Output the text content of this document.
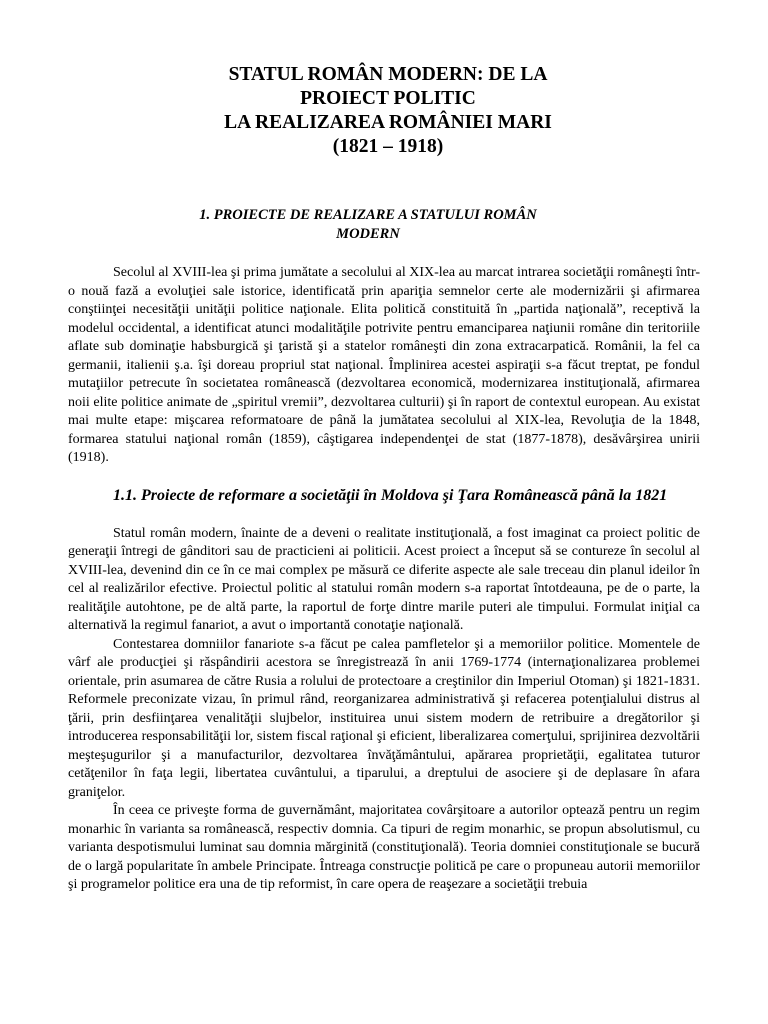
STATUL ROMÂN MODERN: DE LA
PROIECT POLITIC
LA REALIZAREA ROMÂNIEI MARI
(1821 – 1918)
1. PROIECTE DE REALIZARE A STATULUI ROMÂN
MODERN

Secolul al XVIII-lea şi prima jumătate a secolului al XIX-lea au marcat intrarea societăţii româneşti într-o nouă fază a evoluţiei sale istorice, identificată prin apariţia semnelor certe ale modernizării şi afirmarea conştiinţei necesităţii unităţii politice naţionale. Elita politică constituită în „partida naţională”, receptivă la modelul occidental, a identificat atunci modalităţile potrivite pentru emanciparea naţiunii române din teritoriile aflate sub dominaţie habsburgică şi ţaristă şi a statelor româneşti din zona extracarpatică. Românii, la fel ca germanii, italienii ş.a. îşi doreau propriul stat naţional. Împlinirea acestei aspiraţii s-a făcut treptat, pe fondul mutaţiilor petrecute în societatea românească (dezvoltarea economică, modernizarea instituţională, afirmarea noii elite politice animate de „spiritul vremii”, dezvoltarea culturii) şi în raport de contextul european. Au existat mai multe etape: mişcarea reformatoare de până la jumătatea secolului al XIX-lea, Revoluţia de la 1848, formarea statului naţional român (1859), câştigarea independenţei de stat (1877-1878), desăvârşirea unirii (1918).

1.1. Proiecte de reformare a societăţii în Moldova şi Ţara Românească până la 1821

Statul român modern, înainte de a deveni o realitate instituţională, a fost imaginat ca proiect politic de generaţii întregi de gânditori sau de practicieni ai politicii. Acest proiect a început să se contureze în secolul al XVIII-lea, devenind din ce în ce mai complex pe măsură ce diferite aspecte ale sale treceau din planul ideilor în cel al realizărilor efective. Proiectul politic al statului român modern s-a raportat întotdeauna, pe de o parte, la realităţile autohtone, pe de altă parte, la raportul de forţe dintre marile puteri ale timpului. Formulat iniţial ca alternativă la regimul fanariot, a avut o importantă conotaţie naţională.

Contestarea domniilor fanariote s-a făcut pe calea pamfletelor şi a memoriilor politice. Momentele de vârf ale producţiei şi răspândirii acestora se înregistrează în anii 1769-1774 (internaţionalizarea problemei orientale, prin asumarea de către Rusia a rolului de protectoare a creştinilor din Imperiul Otoman) şi 1821-1831. Reformele preconizate vizau, în primul rând, reorganizarea administrativă şi refacerea potenţialului distrus al ţării, prin desfiinţarea venalităţii slujbelor, instituirea unui sistem modern de retribuire a dregătorilor şi introducerea responsabilităţii lor, sistem fiscal raţional şi eficient, liberalizarea comerţului, sprijinirea dezvoltării meşteşugurilor şi a manufacturilor, dezvoltarea învăţământului, apărarea proprietăţii, egalitatea tuturor cetăţenilor în faţa legii, libertatea cuvântului, a tiparului, a dreptului de asociere şi de deplasare în afara graniţelor.

În ceea ce priveşte forma de guvernământ, majoritatea covârşitoare a autorilor optează pentru un regim monarhic în varianta sa românească, respectiv domnia. Ca tipuri de regim monarhic, se propun absolutismul, cu varianta despotismului luminat sau domnia mărginită (constituţională). Teoria domniei constituţionale se bucură de o largă popularitate în ambele Principate. Întreaga construcţie politică pe care o propuneau autorii memoriilor şi programelor politice era una de tip reformist, în care opera de reaşezare a societăţii trebuia
